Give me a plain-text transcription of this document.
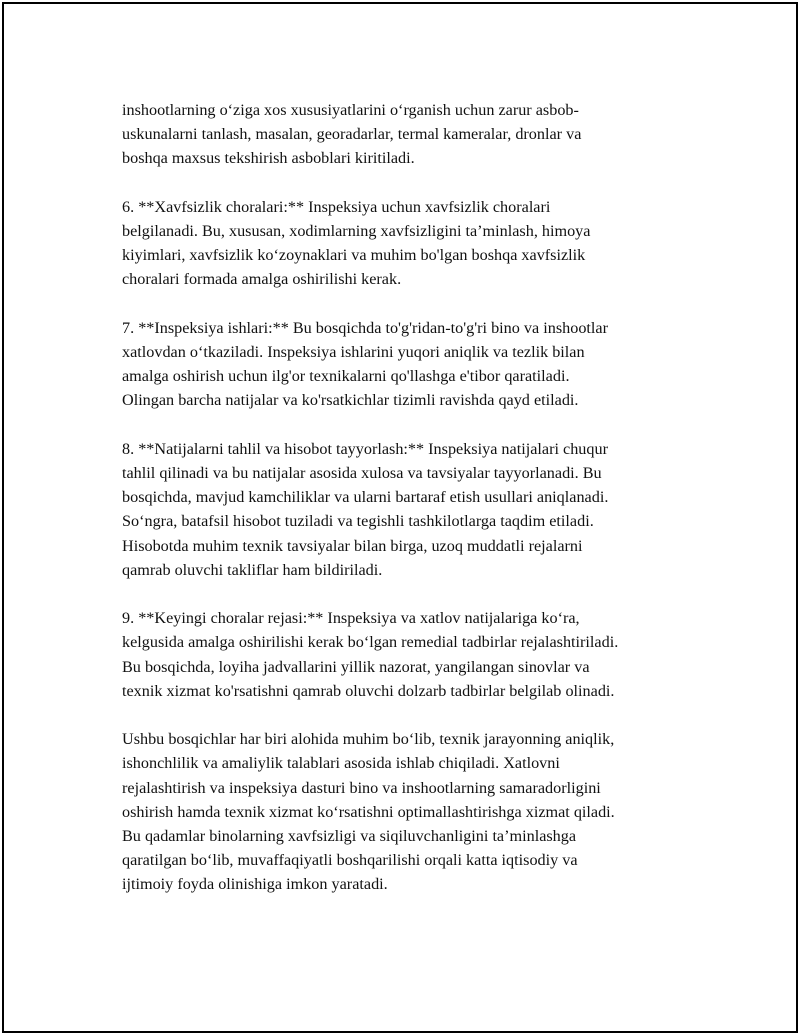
inshootlarning o‘ziga xos xususiyatlarini o‘rganish uchun zarur asbob-
uskunalarni tanlash, masalan, georadarlar, termal kameralar, dronlar va
boshqa maxsus tekshirish asboblari kiritiladi.

6. **Xavfsizlik choralari:** Inspeksiya uchun xavfsizlik choralari
belgilanadi. Bu, xususan, xodimlarning xavfsizligini ta’minlash, himoya
kiyimlari, xavfsizlik ko‘zoynaklari va muhim bo'lgan boshqa xavfsizlik
choralari formada amalga oshirilishi kerak.

7. **Inspeksiya ishlari:** Bu bosqichda to'g'ridan-to'g'ri bino va inshootlar
xatlovdan o‘tkaziladi. Inspeksiya ishlarini yuqori aniqlik va tezlik bilan
amalga oshirish uchun ilg'or texnikalarni qo'llashga e'tibor qaratiladi.
Olingan barcha natijalar va ko'rsatkichlar tizimli ravishda qayd etiladi.

8. **Natijalarni tahlil va hisobot tayyorlash:** Inspeksiya natijalari chuqur
tahlil qilinadi va bu natijalar asosida xulosa va tavsiyalar tayyorlanadi. Bu
bosqichda, mavjud kamchiliklar va ularni bartaraf etish usullari aniqlanadi.
So‘ngra, batafsil hisobot tuziladi va tegishli tashkilotlarga taqdim etiladi.
Hisobotda muhim texnik tavsiyalar bilan birga, uzoq muddatli rejalarni
qamrab oluvchi takliflar ham bildiriladi.

9. **Keyingi choralar rejasi:** Inspeksiya va xatlov natijalariga ko‘ra,
kelgusida amalga oshirilishi kerak bo‘lgan remedial tadbirlar rejalashtiriladi.
Bu bosqichda, loyiha jadvallarini yillik nazorat, yangilangan sinovlar va
texnik xizmat ko'rsatishni qamrab oluvchi dolzarb tadbirlar belgilab olinadi.

Ushbu bosqichlar har biri alohida muhim bo‘lib, texnik jarayonning aniqlik,
ishonchlilik va amaliylik talablari asosida ishlab chiqiladi. Xatlovni
rejalashtirish va inspeksiya dasturi bino va inshootlarning samaradorligini
oshirish hamda texnik xizmat ko‘rsatishni optimallashtirishga xizmat qiladi.
Bu qadamlar binolarning xavfsizligi va siqiluvchanligini ta’minlashga
qaratilgan bo‘lib, muvaffaqiyatli boshqarilishi orqali katta iqtisodiy va
ijtimoiy foyda olinishiga imkon yaratadi.
